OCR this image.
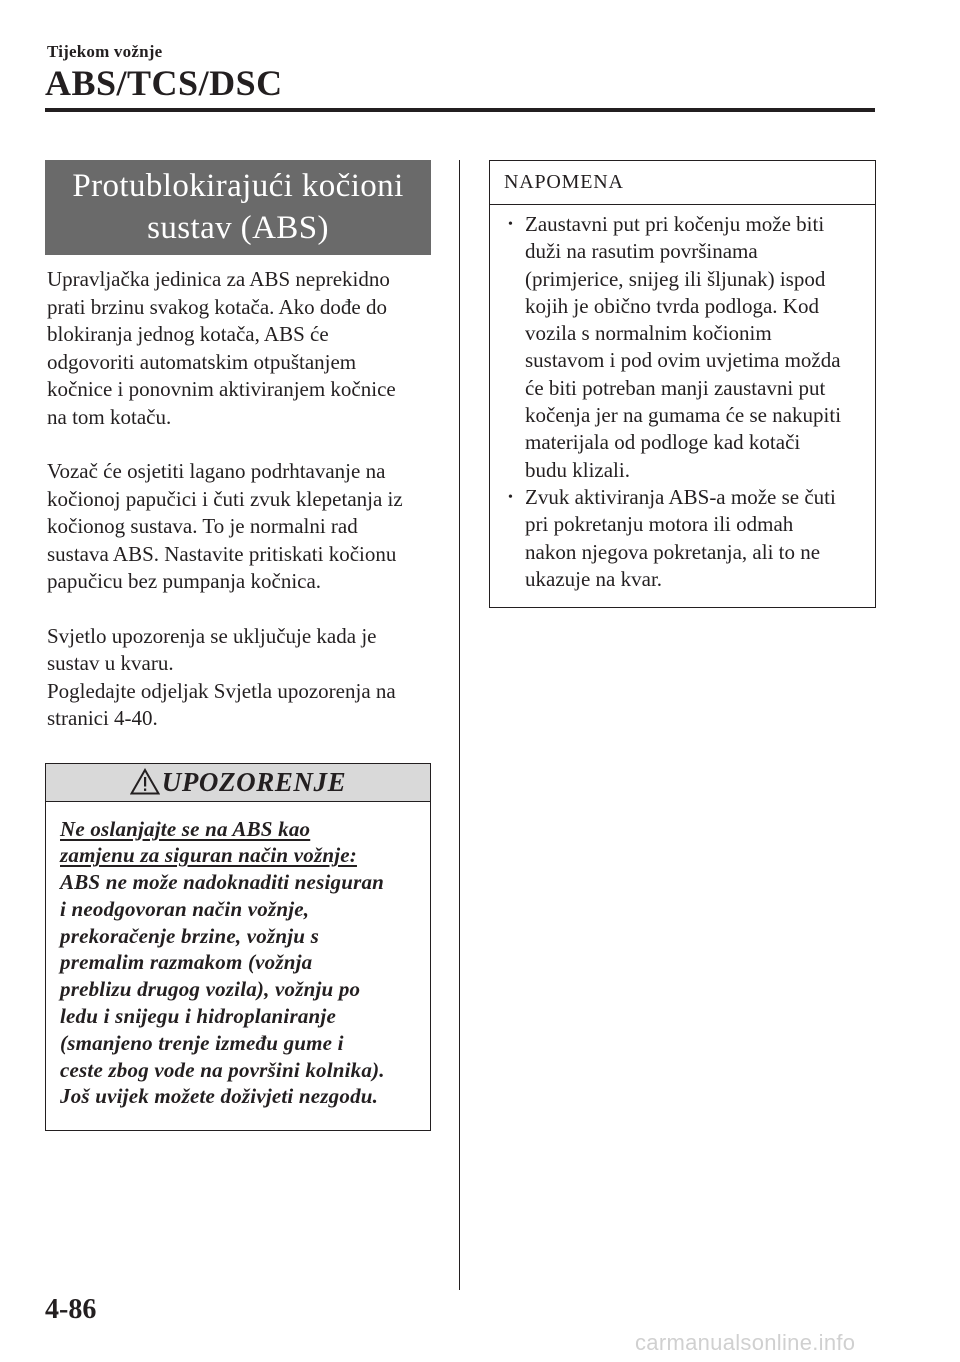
Tijekom vožnje
ABS/TCS/DSC
Protublokirajući kočioni
sustav (ABS)

Upravljačka jedinica za ABS neprekidno
prati brzinu svakog kotača. Ako dođe do
blokiranja jednog kotača, ABS će
odgovoriti automatskim otpuštanjem
kočnice i ponovnim aktiviranjem kočnice
na tom kotaču.

Vozač će osjetiti lagano podrhtavanje na
kočionoj papučici i čuti zvuk klepetanja iz
kočionog sustava. To je normalni rad
sustava ABS. Nastavite pritiskati kočionu
papučicu bez pumpanja kočnica.

Svjetlo upozorenja se uključuje kada je
sustav u kvaru.
Pogledajte odjeljak Svjetla upozorenja na
stranici 4-40.

UPOZORENJE
Ne oslanjajte se na ABS kao
zamjenu za siguran način vožnje:
ABS ne može nadoknaditi nesiguran
i neodgovoran način vožnje,
prekoračenje brzine, vožnju s
premalim razmakom (vožnja
preblizu drugog vozila), vožnju po
ledu i snijegu i hidroplaniranje
(smanjeno trenje između gume i
ceste zbog vode na površini kolnika).
Još uvijek možete doživjeti nezgodu.
NAPOMENA
• Zaustavni put pri kočenju može biti
duži na rasutim površinama
(primjerice, snijeg ili šljunak) ispod
kojih je obično tvrda podloga. Kod
vozila s normalnim kočionim
sustavom i pod ovim uvjetima možda
će biti potreban manji zaustavni put
kočenja jer na gumama će se nakupiti
materijala od podloge kad kotači
budu klizali.
• Zvuk aktiviranja ABS-a može se čuti
pri pokretanju motora ili odmah
nakon njegova pokretanja, ali to ne
ukazuje na kvar.
4-86
carmanualsonline.info
